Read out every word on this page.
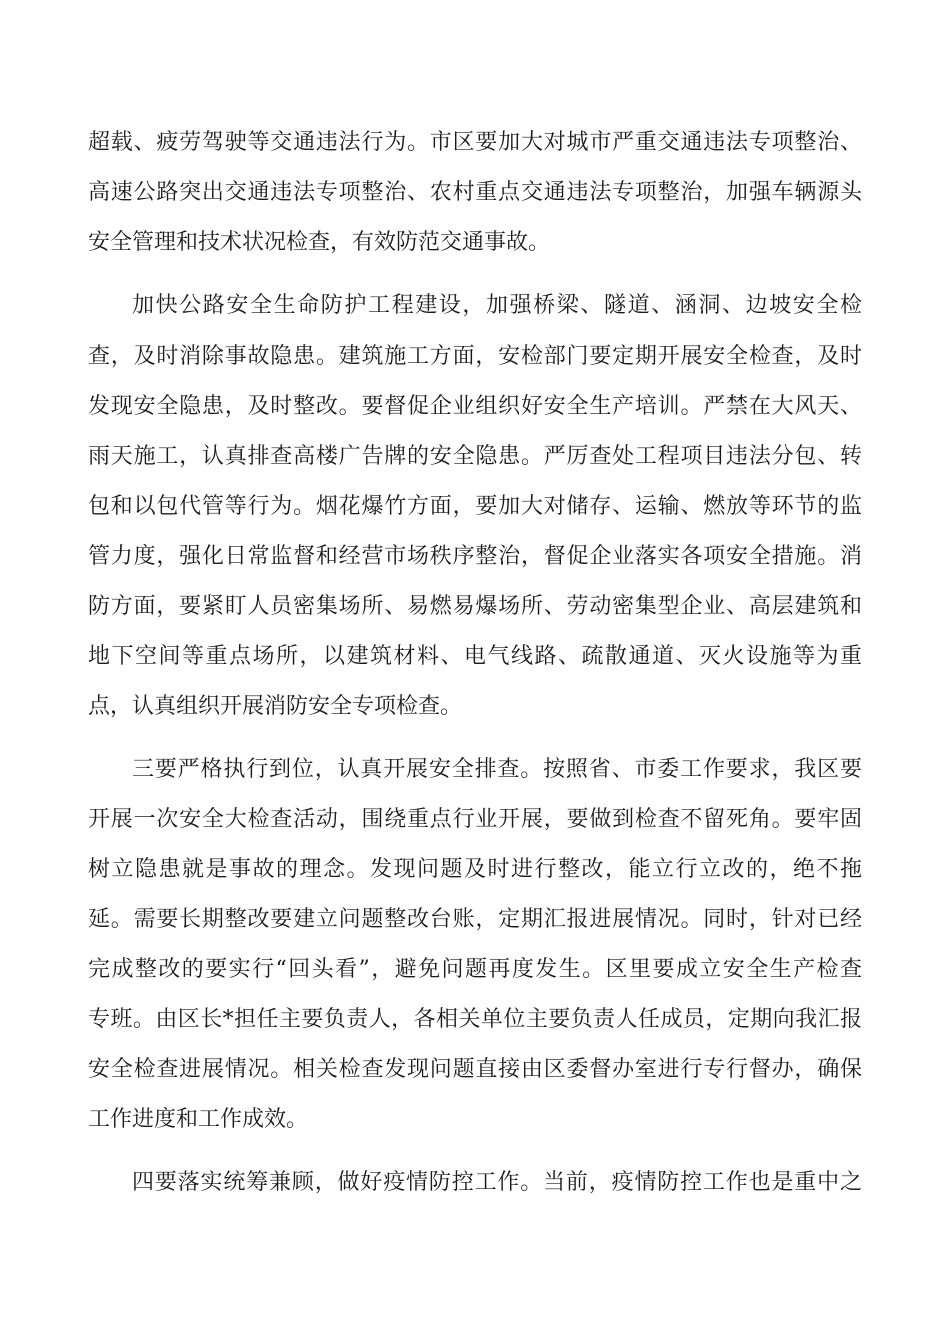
超载、疲劳驾驶等交通违法行为。市区要加大对城市严重交通违法专项整治、
高速公路突出交通违法专项整治、农村重点交通违法专项整治，加强车辆源头
安全管理和技术状况检查，有效防范交通事故。
加快公路安全生命防护工程建设，加强桥梁、隧道、涵洞、边坡安全检
查，及时消除事故隐患。建筑施工方面，安检部门要定期开展安全检查，及时
发现安全隐患，及时整改。要督促企业组织好安全生产培训。严禁在大风天、
雨天施工，认真排查高楼广告牌的安全隐患。严厉查处工程项目违法分包、转
包和以包代管等行为。烟花爆竹方面，要加大对储存、运输、燃放等环节的监
管力度，强化日常监督和经营市场秩序整治，督促企业落实各项安全措施。消
防方面，要紧盯人员密集场所、易燃易爆场所、劳动密集型企业、高层建筑和
地下空间等重点场所，以建筑材料、电气线路、疏散通道、灭火设施等为重
点，认真组织开展消防安全专项检查。
三要严格执行到位，认真开展安全排查。按照省、市委工作要求，我区要
开展一次安全大检查活动，围绕重点行业开展，要做到检查不留死角。要牢固
树立隐患就是事故的理念。发现问题及时进行整改，能立行立改的，绝不拖
延。需要长期整改要建立问题整改台账，定期汇报进展情况。同时，针对已经
完成整改的要实行“回头看”，避免问题再度发生。区里要成立安全生产检查
专班。由区长*担任主要负责人，各相关单位主要负责人任成员，定期向我汇报
安全检查进展情况。相关检查发现问题直接由区委督办室进行专行督办，确保
工作进度和工作成效。
四要落实统筹兼顾，做好疫情防控工作。当前，疫情防控工作也是重中之
